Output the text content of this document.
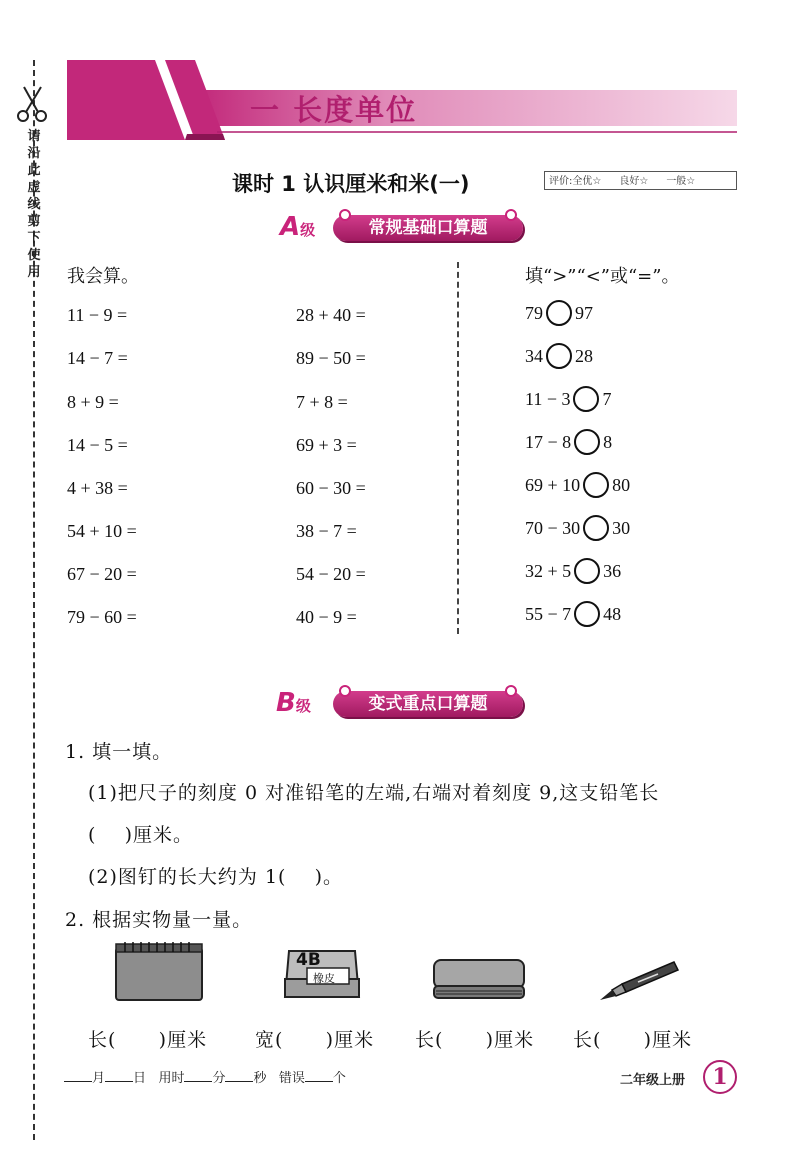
请
沿
此
虚
线
剪
下
使
用
一 长度单位
课时 1 认识厘米和米(一)	评价:全优☆ 良好☆ 一般☆
A级	常规基础口算题
我会算。
11 − 9 =
14 − 7 =
8 + 9 =
14 − 5 =
4 + 38 =
54 + 10 =
67 − 20 =
79 − 60 =
28 + 40 =
89 − 50 =
7 + 8 =
69 + 3 =
60 − 30 =
38 − 7 =
54 − 20 =
40 − 9 =
填“>”“<”或“=”。
79 97
34 28
11 − 3 7
17 − 8 8
69 + 10 80
70 − 30 30
32 + 5 36
55 − 7 48
B级	变式重点口算题
1. 填一填。
(1)把尺子的刻度 0 对准铅笔的左端,右端对着刻度 9,这支铅笔长
(    )厘米。
(2)图钉的长大约为 1(    )。
2. 根据实物量一量。
4B
橡皮
长(      )厘米	宽(      )厘米 长(      )厘米 长(      )厘米
月 日 用时 分 秒 错误 个	二年级上册	1
